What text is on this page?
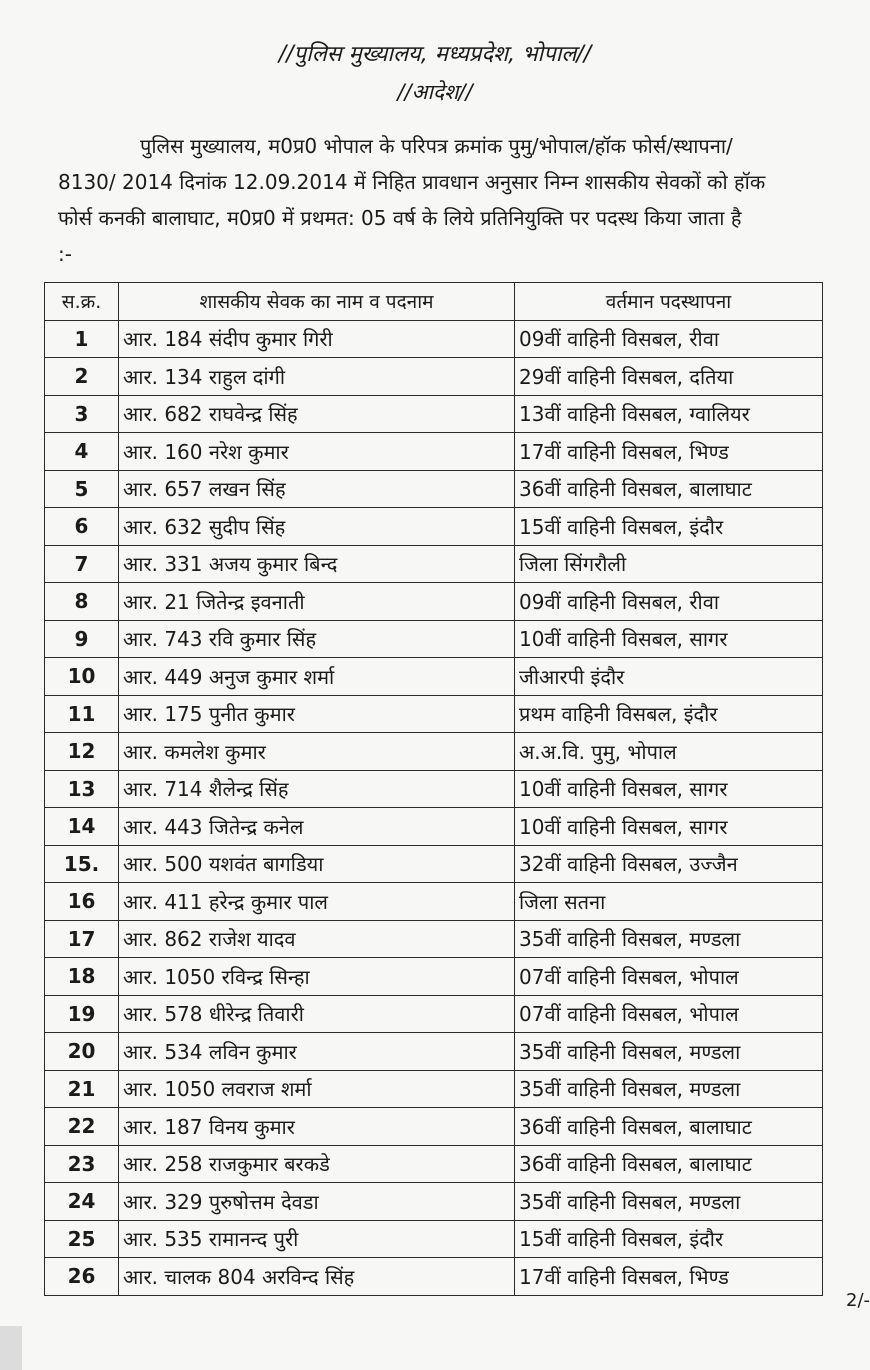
//पुलिस मुख्यालय, मध्यप्रदेश, भोपाल//
//आदेश//
पुलिस मुख्यालय, म0प्र0 भोपाल के परिपत्र क्रमांक पुमु/भोपाल/हॉक फोर्स/स्थापना/
8130/ 2014 दिनांक 12.09.2014 में निहित प्रावधान अनुसार निम्न शासकीय सेवकों को हॉक
फोर्स कनकी बालाघाट, म0प्र0 में प्रथमत: 05 वर्ष के लिये प्रतिनियुक्ति पर पदस्थ किया जाता है
:-
स.क्र.	शासकीय सेवक का नाम व पदनाम	वर्तमान पदस्थापना
1	आर. 184 संदीप कुमार गिरी	09वीं वाहिनी विसबल, रीवा
2	आर. 134 राहुल दांगी	29वीं वाहिनी विसबल, दतिया
3	आर. 682 राघवेन्द्र सिंह	13वीं वाहिनी विसबल, ग्वालियर
4	आर. 160 नरेश कुमार	17वीं वाहिनी विसबल, भिण्ड
5	आर. 657 लखन सिंह	36वीं वाहिनी विसबल, बालाघाट
6	आर. 632 सुदीप सिंह	15वीं वाहिनी विसबल, इंदौर
7	आर. 331 अजय कुमार बिन्द	जिला सिंगरौली
8	आर. 21 जितेन्द्र इवनाती	09वीं वाहिनी विसबल, रीवा
9	आर. 743 रवि कुमार सिंह	10वीं वाहिनी विसबल, सागर
10	आर. 449 अनुज कुमार शर्मा	जीआरपी इंदौर
11	आर. 175 पुनीत कुमार	प्रथम वाहिनी विसबल, इंदौर
12	आर. कमलेश कुमार	अ.अ.वि. पुमु, भोपाल
13	आर. 714 शैलेन्द्र सिंह	10वीं वाहिनी विसबल, सागर
14	आर. 443 जितेन्द्र कनेल	10वीं वाहिनी विसबल, सागर
15.	आर. 500 यशवंत बागडिया	32वीं वाहिनी विसबल, उज्जैन
16	आर. 411 हरेन्द्र कुमार पाल	जिला सतना
17	आर. 862 राजेश यादव	35वीं वाहिनी विसबल, मण्डला
18	आर. 1050 रविन्द्र सिन्हा	07वीं वाहिनी विसबल, भोपाल
19	आर. 578 धीरेन्द्र तिवारी	07वीं वाहिनी विसबल, भोपाल
20	आर. 534 लविन कुमार	35वीं वाहिनी विसबल, मण्डला
21	आर. 1050 लवराज शर्मा	35वीं वाहिनी विसबल, मण्डला
22	आर. 187 विनय कुमार	36वीं वाहिनी विसबल, बालाघाट
23	आर. 258 राजकुमार बरकडे	36वीं वाहिनी विसबल, बालाघाट
24	आर. 329 पुरुषोत्तम देवडा	35वीं वाहिनी विसबल, मण्डला
25	आर. 535 रामानन्द पुरी	15वीं वाहिनी विसबल, इंदौर
26	आर. चालक 804 अरविन्द सिंह	17वीं वाहिनी विसबल, भिण्ड
2/-
